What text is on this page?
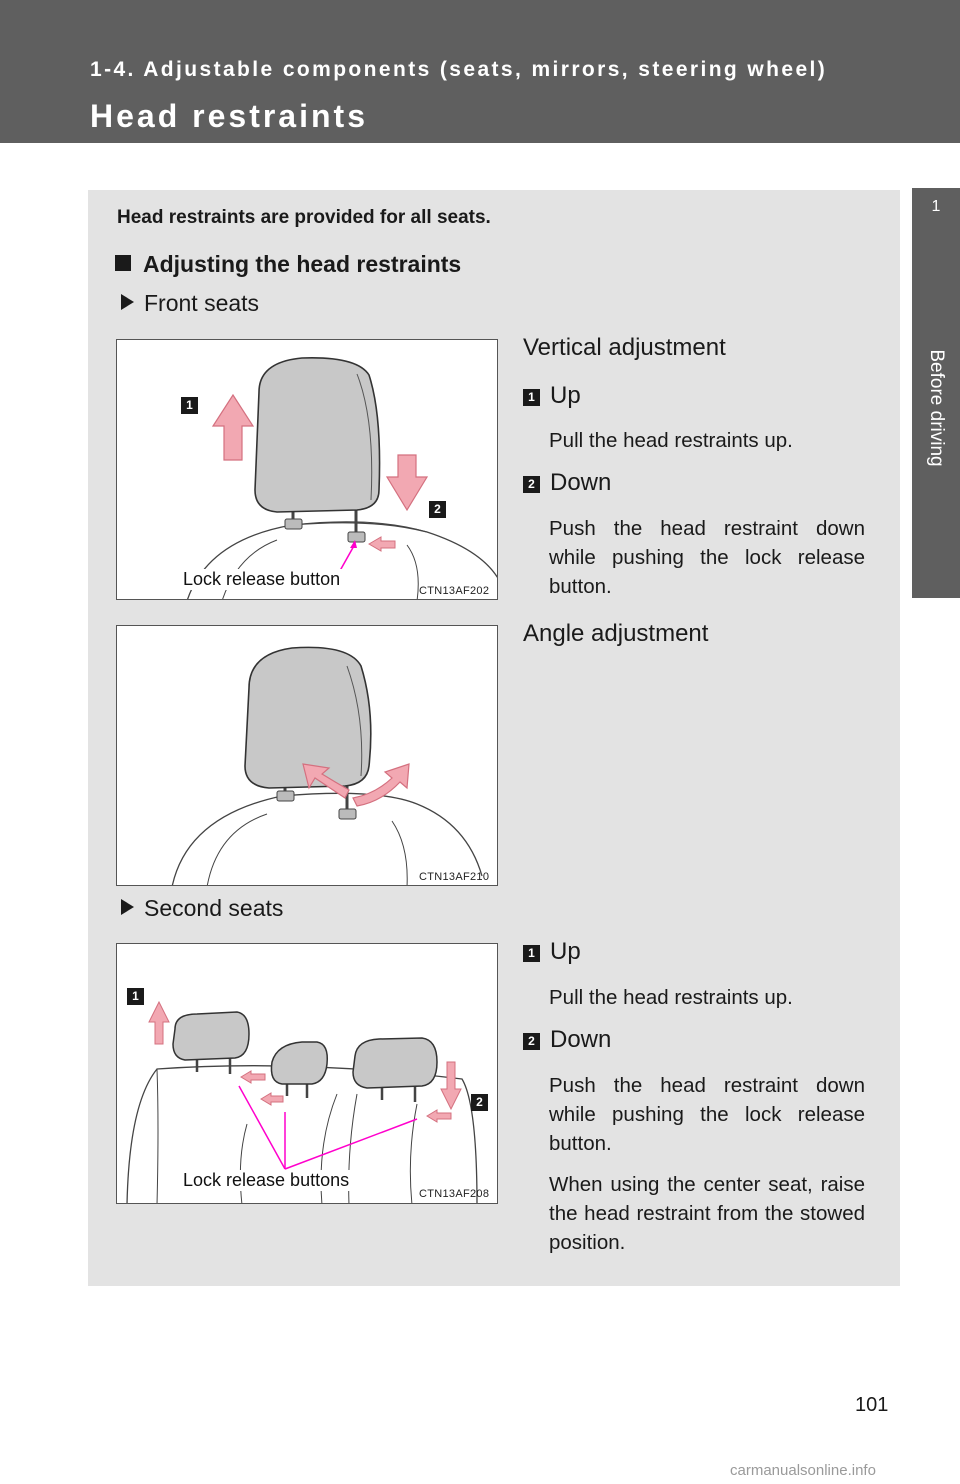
1-4. Adjustable components (seats, mirrors, steering wheel)
Head restraints
1
Before driving
Head restraints are provided for all seats.
Adjusting the head restraints
Front seats
1
2
Lock release button
CTN13AF202
Vertical adjustment
1 Up
Pull the head restraints up.
2 Down
Push the head restraint down while pushing the lock release button.
CTN13AF210
Angle adjustment
Second seats
1
2
Lock release buttons
CTN13AF208
1 Up
Pull the head restraints up.
2 Down
Push the head restraint down while pushing the lock release button.
When using the center seat, raise the head restraint from the stowed position.
101
carmanualsonline.info
